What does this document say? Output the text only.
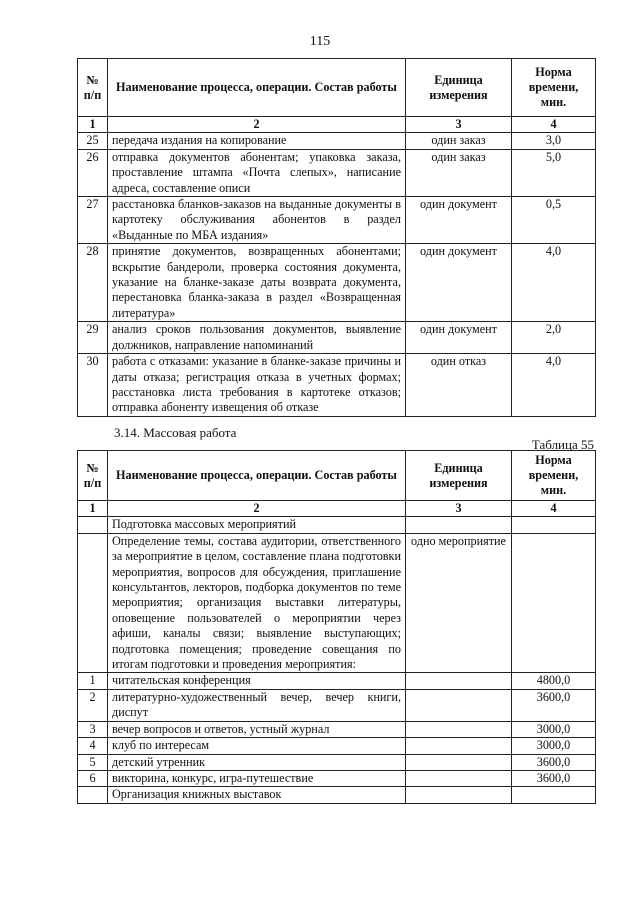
115
№
п/п	Наименование процесса, операции. Состав работы	Единица измерения	Норма времени, мин.
1	2	3	4
25	передача издания на копирование	один заказ	3,0
26	отправка документов абонентам; упаковка заказа, проставление штампа «Почта слепых», написание адреса, составление описи	один заказ	5,0
27	расстановка бланков-заказов на выданные документы в картотеку обслуживания абонентов в раздел «Выданные по МБА издания»	один документ	0,5
28	принятие документов, возвращенных абонентами; вскрытие бандероли, проверка состояния документа, указание на бланке-заказе даты возврата документа, перестановка бланка-заказа в раздел «Возвращенная литература»	один документ	4,0
29	анализ сроков пользования документов, выявление должников, направление напоминаний	один документ	2,0
30	работа с отказами: указание в бланке-заказе причины и даты отказа; регистрация отказа в учетных формах; расстановка листа требования в картотеке отказов; отправка абоненту извещения об отказе	один отказ	4,0
3.14. Массовая работа
Таблица 55
№
п/п	Наименование процесса, операции. Состав работы	Единица измерения	Норма времени, мин.
1	2	3	4
	Подготовка массовых мероприятий		
	Определение темы, состава аудитории, ответственного за мероприятие в целом, составление плана подготовки мероприятия, вопросов для обсуждения, приглашение консультантов, лекторов, подборка документов по теме мероприятия; организация выставки литературы, оповещение пользователей о мероприятии через афиши, каналы связи; выявление выступающих; подготовка помещения; проведение совещания по итогам подготовки и проведения мероприятия:	одно мероприятие	
1	читательская конференция		4800,0
2	литературно-художественный вечер, вечер книги, диспут		3600,0
3	вечер вопросов и ответов, устный журнал		3000,0
4	клуб по интересам		3000,0
5	детский утренник		3600,0
6	викторина, конкурс, игра-путешествие		3600,0
	Организация книжных выставок		
